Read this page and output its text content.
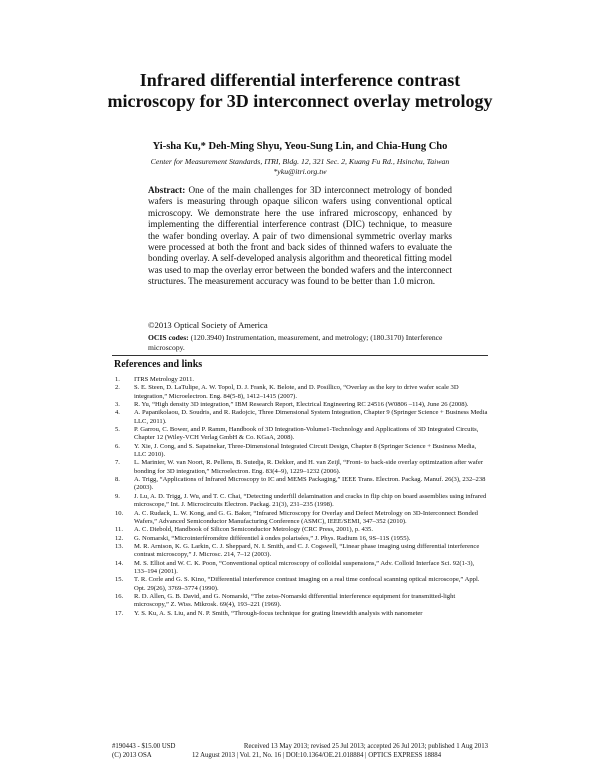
Infrared differential interference contrast microscopy for 3D interconnect overlay metrology
Yi-sha Ku,* Deh-Ming Shyu, Yeou-Sung Lin, and Chia-Hung Cho
Center for Measurement Standards, ITRI, Bldg. 12, 321 Sec. 2, Kuang Fu Rd., Hsinchu, Taiwan
*yku@itri.org.tw
Abstract: One of the main challenges for 3D interconnect metrology of bonded wafers is measuring through opaque silicon wafers using conventional optical microscopy. We demonstrate here the use infrared microscopy, enhanced by implementing the differential interference contrast (DIC) technique, to measure the wafer bonding overlay. A pair of two dimensional symmetric overlay marks were processed at both the front and back sides of thinned wafers to evaluate the bonding overlay. A self-developed analysis algorithm and theoretical fitting model was used to map the overlay error between the bonded wafers and the interconnect structures. The measurement accuracy was found to be better than 1.0 micron.
©2013 Optical Society of America
OCIS codes: (120.3940) Instrumentation, measurement, and metrology; (180.3170) Interference microscopy.
References and links
1. ITRS Metrology 2011.
2. S. E. Steen, D. LaTulipe, A. W. Topol, D. J. Frank, K. Belote, and D. Posillico, “Overlay as the key to drive wafer scale 3D integration,” Microelectron. Eng. 84(5-8), 1412–1415 (2007).
3. R. Yu, “High density 3D integration,” IBM Research Report, Electrical Engineering RC 24516 (W0806 –114), June 26 (2008).
4. A. Papanikolaou, D. Soudris, and R. Radojcic, Three Dimensional System Integration, Chapter 9 (Springer Science + Business Media LLC, 2011).
5. P. Garrou, C. Bower, and P. Ramm, Handbook of 3D Integration-Volume1-Technology and Applications of 3D Integrated Circuits, Chapter 12 (Wiley-VCH Verlag GmbH & Co. KGaA, 2008).
6. Y. Xie, J. Cong, and S. Sapatnekar, Three-Dimensional Integrated Circuit Design, Chapter 8 (Springer Science + Business Media, LLC 2010).
7. L. Marinier, W. van Noort, R. Pellens, B. Sutedja, R. Dekker, and H. van Zeijl, “Front- to back-side overlay optimization after wafer bonding for 3D integration,” Microelectron. Eng. 83(4–9), 1229–1232 (2006).
8. A. Trigg, “Applications of Infrared Microscopy to IC and MEMS Packaging,” IEEE Trans. Electron. Packag. Manuf. 26(3), 232–238 (2003).
9. J. Lu, A. D. Trigg, J. Wu, and T. C. Chai, “Detecting underfill delamination and cracks in flip chip on board assemblies using infrared microscope,” Int. J. Microcircuits Electron. Packag. 21(3), 231–235 (1998).
10. A. C. Rudack, L. W. Kong, and G. G. Baker, “Infrared Microscopy for Overlay and Defect Metrology on 3D-Interconnect Bonded Wafers,” Advanced Semiconductor Manufacturing Conference (ASMC), IEEE/SEMI, 347–352 (2010).
11. A. C. Diebold, Handbook of Silicon Semiconductor Metrology (CRC Press, 2001), p. 435.
12. G. Nomarski, “Microinterférométre différentiel à ondes polarisées,” J. Phys. Radium 16, 9S–11S (1955).
13. M. R. Arnison, K. G. Larkin, C. J. Sheppard, N. I. Smith, and C. J. Cogswell, “Linear phase imaging using differential interference contrast microscopy,” J. Microsc. 214, 7–12 (2003).
14. M. S. Elliot and W. C. K. Poon, “Conventional optical microscopy of colloidal suspensions,” Adv. Colloid Interface Sci. 92(1-3), 133–194 (2001).
15. T. R. Corle and G. S. Kino, “Differential interference contrast imaging on a real time confocal scanning optical microscope,” Appl. Opt. 29(26), 3769–3774 (1990).
16. R. D. Allen, G. B. David, and G. Nomarski, “The zeiss-Nomarski differential interference equipment for transmitted-light microscopy,” Z. Wiss. Mikrosk. 69(4), 193–221 (1969).
17. Y. S. Ku, A. S. Liu, and N. P. Smith, “Through-focus technique for grating linewidth analysis with nanometer
#190443 - $15.00 USD	Received 13 May 2013; revised 25 Jul 2013; accepted 26 Jul 2013; published 1 Aug 2013
(C) 2013 OSA	12 August 2013 | Vol. 21, No. 16 | DOI:10.1364/OE.21.018884 | OPTICS EXPRESS 18884
